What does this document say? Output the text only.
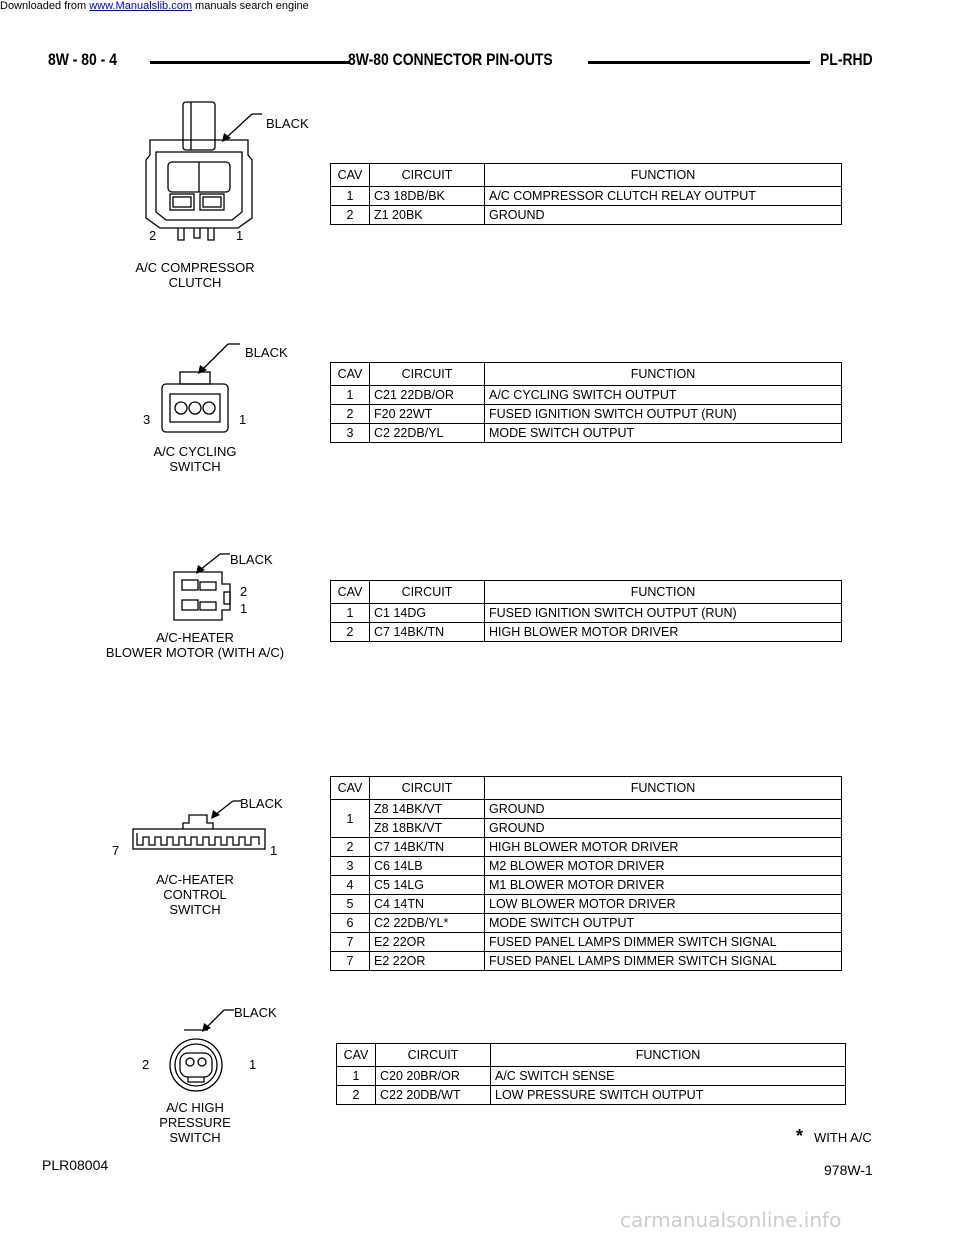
Downloaded from www.Manualslib.com manuals search engine
8W - 80 - 4	8W-80 CONNECTOR PIN-OUTS	PL-RHD
BLACK
2	1
A/C COMPRESSOR
CLUTCH
CAV	CIRCUIT	FUNCTION
1	C3 18DB/BK	A/C COMPRESSOR CLUTCH RELAY OUTPUT
2	Z1 20BK	GROUND
BLACK
3	1
A/C CYCLING
SWITCH
CAV	CIRCUIT	FUNCTION
1	C21 22DB/OR	A/C CYCLING SWITCH OUTPUT
2	F20 22WT	FUSED IGNITION SWITCH OUTPUT (RUN)
3	C2 22DB/YL	MODE SWITCH OUTPUT
BLACK
2
1
A/C-HEATER
BLOWER MOTOR (WITH A/C)
CAV	CIRCUIT	FUNCTION
1	C1 14DG	FUSED IGNITION SWITCH OUTPUT (RUN)
2	C7 14BK/TN	HIGH BLOWER MOTOR DRIVER
BLACK
7	1
A/C-HEATER
CONTROL
SWITCH
CAV	CIRCUIT	FUNCTION
1	Z8 14BK/VT	GROUND
	Z8 18BK/VT	GROUND
2	C7 14BK/TN	HIGH BLOWER MOTOR DRIVER
3	C6 14LB	M2 BLOWER MOTOR DRIVER
4	C5 14LG	M1 BLOWER MOTOR DRIVER
5	C4 14TN	LOW BLOWER MOTOR DRIVER
6	C2 22DB/YL*	MODE SWITCH OUTPUT
7	E2 22OR	FUSED PANEL LAMPS DIMMER SWITCH SIGNAL
7	E2 22OR	FUSED PANEL LAMPS DIMMER SWITCH SIGNAL
BLACK
2	1
A/C HIGH
PRESSURE
SWITCH
CAV	CIRCUIT	FUNCTION
1	C20 20BR/OR	A/C SWITCH SENSE
2	C22 20DB/WT	LOW PRESSURE SWITCH OUTPUT
* WITH A/C
PLR08004	978W-1
carmanualsonline.info
